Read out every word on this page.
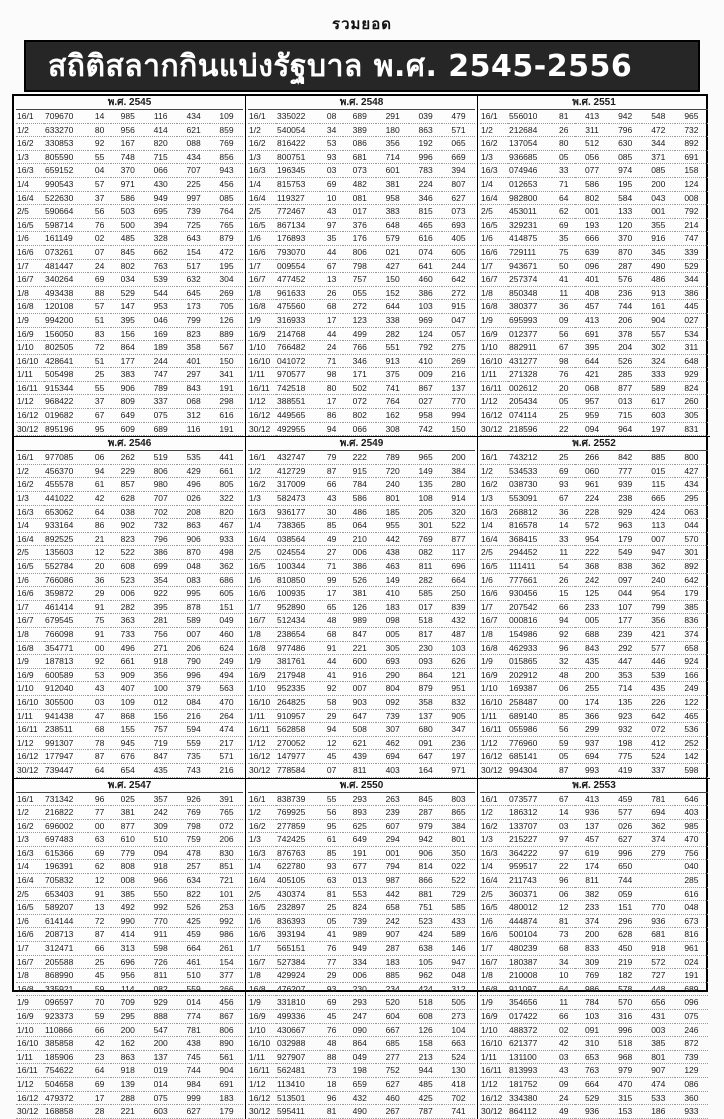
รวมยอด
สถิติสลากกินแบ่งรัฐบาล พ.ศ. 2545-2556
พ.ศ. 2545
16/1	709670	14	985	116	434	109
1/2	633270	80	956	414	621	859
16/2	330853	92	167	820	088	769
1/3	805590	55	748	715	434	856
16/3	659152	04	370	066	707	943
1/4	990543	57	971	430	225	456
16/4	522630	37	586	949	997	085
2/5	590664	56	503	695	739	764
16/5	598714	76	500	394	725	765
1/6	161149	02	485	328	643	879
16/6	073261	07	845	662	154	472
1/7	481447	24	802	763	517	195
16/7	340264	69	034	539	632	304
1/8	493438	88	529	544	645	269
16/8	120108	57	147	953	173	705
1/9	994200	51	395	046	799	126
16/9	156050	83	156	169	823	889
1/10	802505	72	864	189	358	567
16/10	428641	51	177	244	401	150
1/11	505498	25	383	747	297	341
16/11	915344	55	906	789	843	191
1/12	968422	37	809	337	068	298
16/12	019682	67	649	075	312	616
30/12	895196	95	609	689	116	191
พ.ศ. 2548
16/1	335022	08	689	291	039	479
1/2	540054	34	389	180	863	571
16/2	816422	53	086	356	192	065
1/3	800751	93	681	714	996	669
16/3	196345	03	073	601	783	394
1/4	815753	69	482	381	224	807
16/4	119327	10	081	958	346	627
2/5	772467	43	017	383	815	073
16/5	867134	97	376	648	465	693
1/6	176893	35	176	579	616	405
16/6	793070	44	806	021	074	605
1/7	009554	67	798	427	641	244
16/7	477452	13	757	150	460	642
1/8	961633	26	055	152	386	272
16/8	475560	68	272	644	103	915
1/9	316933	17	123	338	969	047
16/9	214768	44	499	282	124	057
1/10	766482	24	766	551	792	275
16/10	041072	71	346	913	410	269
1/11	970577	98	171	375	009	216
16/11	742518	80	502	741	867	137
1/12	388551	17	072	764	027	770
16/12	449565	86	802	162	958	994
30/12	492955	94	066	308	742	150
พ.ศ. 2551
16/1	556010	81	413	942	548	965
1/2	212684	26	311	796	472	732
16/2	137054	80	512	630	344	892
1/3	936685	05	056	085	371	691
16/3	074946	33	077	974	085	158
1/4	012653	71	586	195	200	124
16/4	982800	64	802	584	043	008
2/5	453011	62	001	133	001	792
16/5	329231	69	193	120	355	214
1/6	414875	35	666	370	916	747
16/6	729111	75	639	870	345	339
1/7	943671	50	096	287	490	529
16/7	257374	41	401	576	486	344
1/8	850348	11	408	236	913	386
16/8	380377	36	457	744	161	445
1/9	695993	09	413	206	904	027
16/9	012377	56	691	378	557	534
1/10	882911	67	395	204	302	311
16/10	431277	98	644	526	324	648
1/11	271328	76	421	285	333	929
16/11	002612	20	068	877	589	824
1/12	205434	05	957	013	617	260
16/12	074114	25	959	715	603	305
30/12	218596	22	094	964	197	831
พ.ศ. 2546
16/1	977085	06	262	519	535	441
1/2	456370	94	229	806	429	661
16/2	455578	61	857	980	496	805
1/3	441022	42	628	707	026	322
16/3	653062	64	038	702	208	820
1/4	933164	86	902	732	863	467
16/4	892525	21	823	796	906	933
2/5	135603	12	522	386	870	498
16/5	552784	20	608	699	048	362
1/6	766086	36	523	354	083	686
16/6	359872	29	006	922	995	605
1/7	461414	91	282	395	878	151
16/7	679545	75	363	281	589	049
1/8	766098	91	733	756	007	460
16/8	354771	00	496	271	206	624
1/9	187813	92	661	918	790	249
16/9	600589	53	909	356	996	494
1/10	912040	43	407	100	379	563
16/10	305500	03	109	012	084	470
1/11	941438	47	868	156	216	264
16/11	238511	68	155	757	594	474
1/12	991307	78	945	719	559	217
16/12	177947	87	676	847	735	571
30/12	739447	64	654	435	743	216
พ.ศ. 2549
16/1	432747	79	222	789	965	200
1/2	412729	87	915	720	149	384
16/2	317009	66	784	240	135	280
1/3	582473	43	586	801	108	914
16/3	936177	30	486	185	205	320
1/4	738365	85	064	955	301	522
16/4	038564	49	210	442	769	877
2/5	024554	27	006	438	082	117
16/5	100344	71	386	463	811	696
1/6	810850	99	526	149	282	664
16/6	100935	17	381	410	585	250
1/7	952890	65	126	183	017	839
16/7	512434	48	989	098	518	432
1/8	238654	68	847	005	817	487
16/8	977486	91	221	305	230	103
1/9	381761	44	600	693	093	626
16/9	217948	41	916	290	864	121
1/10	952335	92	007	804	879	951
16/10	264825	58	903	092	358	832
1/11	910957	29	647	739	137	905
16/11	562858	94	508	307	680	347
1/12	270052	12	621	462	091	236
16/12	147977	45	439	694	647	197
30/12	778584	07	811	403	164	971
พ.ศ. 2552
16/1	743212	25	266	842	885	800
1/2	534533	69	060	777	015	427
16/2	038730	93	961	939	115	434
1/3	553091	67	224	238	665	295
16/3	268812	36	228	929	424	063
1/4	816578	14	572	963	113	044
16/4	368415	33	954	179	007	570
2/5	294452	11	222	549	947	301
16/5	111411	54	368	838	362	892
1/6	777661	26	242	097	240	642
16/6	930456	15	125	044	954	179
1/7	207542	66	233	107	799	385
16/7	000816	94	005	177	356	836
1/8	154986	92	688	239	421	374
16/8	462933	96	843	292	577	658
1/9	015865	32	435	447	446	924
16/9	202912	48	200	353	539	166
1/10	169387	06	255	714	435	249
16/10	258487	00	174	135	226	122
1/11	689140	85	366	923	642	465
16/11	055986	56	299	932	072	536
1/12	776960	59	937	198	412	252
16/12	685141	05	694	775	524	142
30/12	994304	87	993	419	337	598
พ.ศ. 2547
16/1	731342	96	025	357	926	391
1/2	216822	77	381	242	769	765
16/2	696002	00	877	309	798	072
1/3	697483	63	610	510	759	206
16/3	615366	69	779	094	478	830
1/4	196391	62	808	918	257	851
16/4	705832	12	008	966	634	721
2/5	653403	91	385	550	822	101
16/5	589207	13	492	992	526	253
1/6	614144	72	990	770	425	992
16/6	208713	87	414	911	459	986
1/7	312471	66	313	598	664	261
16/7	205588	25	696	726	461	154
1/8	868990	45	956	811	510	377
16/8	335921	59	114	082	559	266
1/9	096597	70	709	929	014	456
16/9	923373	59	295	888	774	867
1/10	110866	66	200	547	781	806
16/10	385858	42	162	200	438	890
1/11	185906	23	863	137	745	561
16/11	754622	64	918	019	744	904
1/12	504658	69	139	014	984	691
16/12	479372	17	288	075	999	183
30/12	168858	28	221	603	627	179
พ.ศ. 2550
16/1	838739	55	293	263	845	803
1/2	769925	56	893	239	287	865
16/2	277859	95	625	607	979	384
1/3	742425	61	649	294	942	801
16/3	876763	85	191	001	906	350
1/4	622780	93	677	794	814	022
16/4	405105	63	013	987	866	522
2/5	430374	81	553	442	881	729
16/5	232897	25	824	658	751	585
1/6	836393	05	739	242	523	433
16/6	393194	41	989	907	424	589
1/7	565151	76	949	287	638	146
16/7	527384	77	334	183	105	947
1/8	429924	29	006	885	962	048
16/8	476207	93	230	234	424	312
1/9	331810	69	293	520	518	505
16/9	499336	45	247	604	608	273
1/10	430667	76	090	667	126	104
16/10	032988	48	864	685	158	663
1/11	927907	88	049	277	213	524
16/11	562481	73	198	752	944	130
1/12	113410	18	659	627	485	418
16/12	513501	96	432	460	425	702
30/12	595411	81	490	267	787	741
พ.ศ. 2553
16/1	073577	67	413	459	781	646
1/2	186312	14	936	577	694	403
16/2	133707	03	137	026	362	985
1/3	215227	97	457	627	374	470
16/3	364222	97	619	996	279	756
1/4	959517	22	174	650		040
16/4	211743	96	811	744		285
2/5	360371	06	382	059		616
16/5	480012	12	233	151	770	048
1/6	444874	81	374	296	936	673
16/6	500104	73	200	628	681	816
1/7	480239	68	833	450	918	961
16/7	180387	34	309	219	572	024
1/8	210008	10	769	182	727	191
16/8	911097	64	986	578	448	689
1/9	354656	11	784	570	656	096
16/9	017422	66	103	316	431	075
1/10	488372	02	091	996	003	246
16/10	621377	42	310	518	385	872
1/11	131100	03	653	968	801	739
16/11	813993	43	763	979	907	129
1/12	181752	09	664	470	474	086
16/12	334380	24	529	315	533	360
30/12	864112	49	936	153	186	933
